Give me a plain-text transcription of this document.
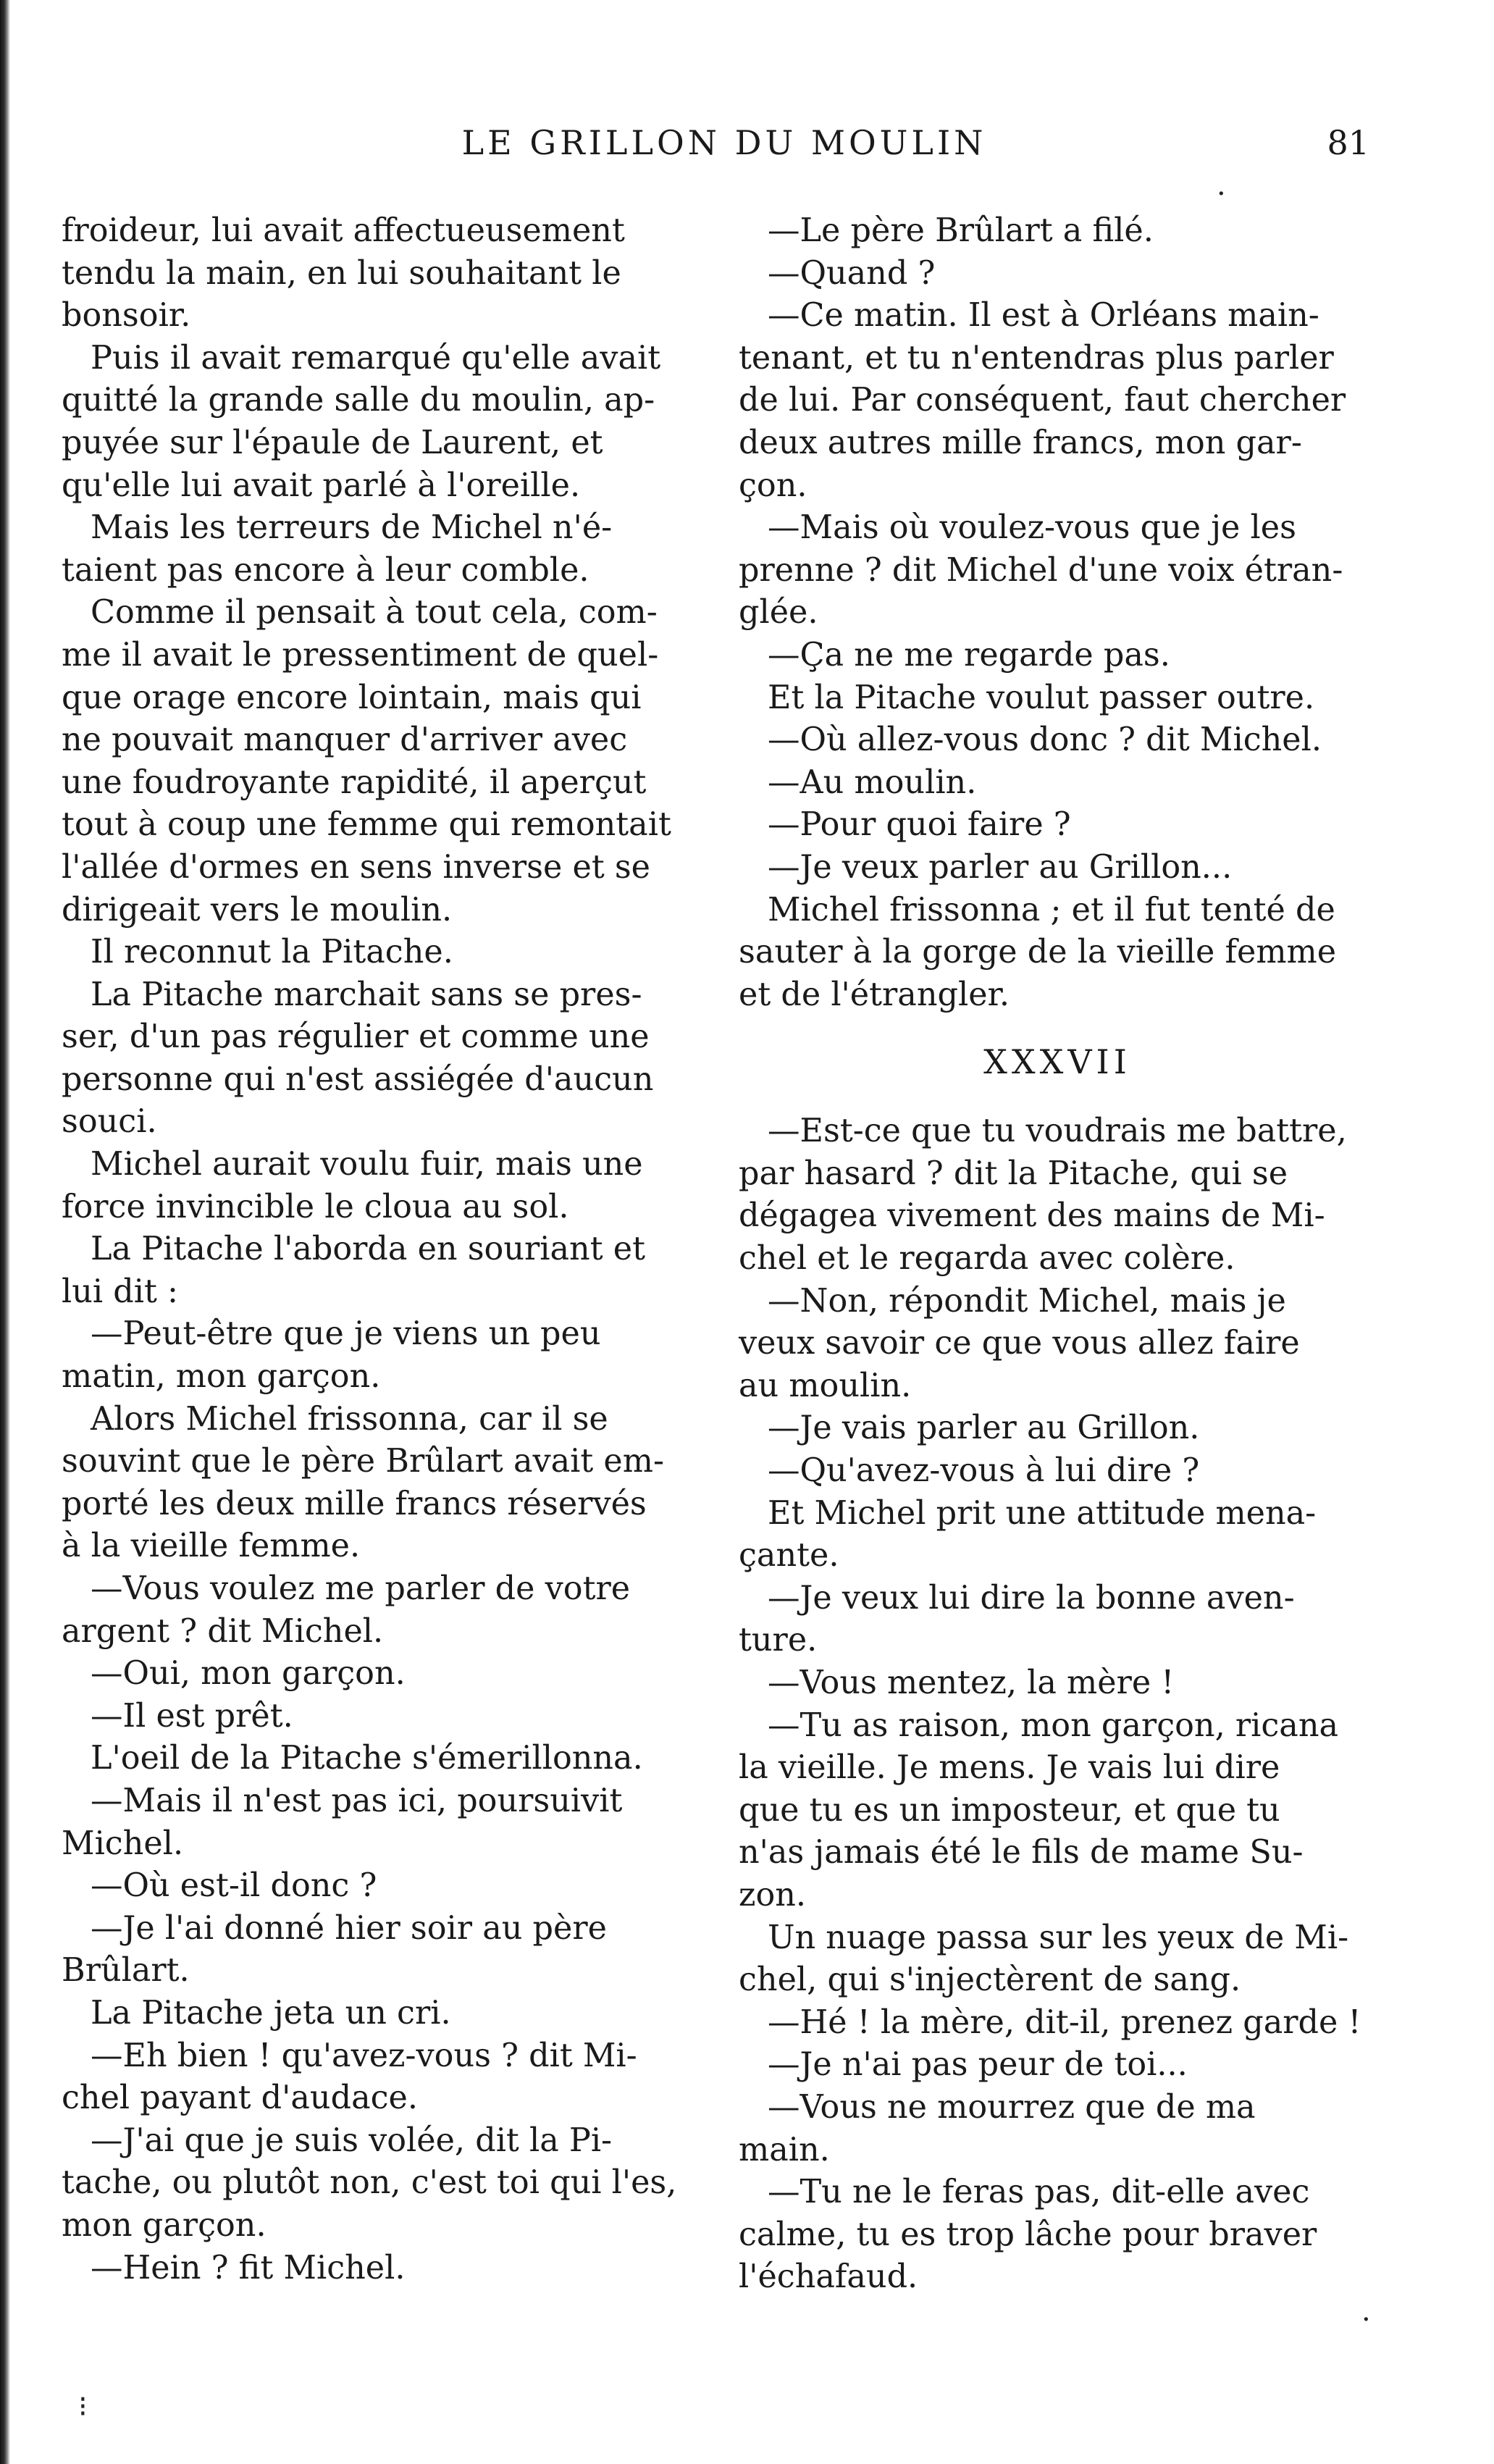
LE GRILLON DU MOULIN	81

froideur, lui avait affectueusement
tendu la main, en lui souhaitant le
bonsoir.

Puis il avait remarqué qu'elle avait
quitté la grande salle du moulin, ap-
puyée sur l'épaule de Laurent, et
qu'elle lui avait parlé à l'oreille.

Mais les terreurs de Michel n'é-
taient pas encore à leur comble.

Comme il pensait à tout cela, com-
me il avait le pressentiment de quel-
que orage encore lointain, mais qui
ne pouvait manquer d'arriver avec
une foudroyante rapidité, il aperçut
tout à coup une femme qui remontait
l'allée d'ormes en sens inverse et se
dirigeait vers le moulin.

Il reconnut la Pitache.

La Pitache marchait sans se pres-
ser, d'un pas régulier et comme une
personne qui n'est assiégée d'aucun
souci.

Michel aurait voulu fuir, mais une
force invincible le cloua au sol.

La Pitache l'aborda en souriant et
lui dit :

—Peut-être que je viens un peu
matin, mon garçon.

Alors Michel frissonna, car il se
souvint que le père Brûlart avait em-
porté les deux mille francs réservés
à la vieille femme.

—Vous voulez me parler de votre
argent ? dit Michel.

—Oui, mon garçon.

—Il est prêt.

L'oeil de la Pitache s'émerillonna.

—Mais il n'est pas ici, poursuivit
Michel.

—Où est-il donc ?

—Je l'ai donné hier soir au père
Brûlart.

La Pitache jeta un cri.

—Eh bien ! qu'avez-vous ? dit Mi-
chel payant d'audace.

—J'ai que je suis volée, dit la Pi-
tache, ou plutôt non, c'est toi qui l'es,
mon garçon.

—Hein ? fit Michel.

—Le père Brûlart a filé.

—Quand ?

—Ce matin. Il est à Orléans main-
tenant, et tu n'entendras plus parler
de lui. Par conséquent, faut chercher
deux autres mille francs, mon gar-
çon.

—Mais où voulez-vous que je les
prenne ? dit Michel d'une voix étran-
glée.

—Ça ne me regarde pas.

Et la Pitache voulut passer outre.

—Où allez-vous donc ? dit Michel.

—Au moulin.

—Pour quoi faire ?

—Je veux parler au Grillon...

Michel frissonna ; et il fut tenté de
sauter à la gorge de la vieille femme
et de l'étrangler.

XXXVII

—Est-ce que tu voudrais me battre,
par hasard ? dit la Pitache, qui se
dégagea vivement des mains de Mi-
chel et le regarda avec colère.

—Non, répondit Michel, mais je
veux savoir ce que vous allez faire
au moulin.

—Je vais parler au Grillon.

—Qu'avez-vous à lui dire ?

Et Michel prit une attitude mena-
çante.

—Je veux lui dire la bonne aven-
ture.

—Vous mentez, la mère !

—Tu as raison, mon garçon, ricana
la vieille. Je mens. Je vais lui dire
que tu es un imposteur, et que tu
n'as jamais été le fils de mame Su-
zon.

Un nuage passa sur les yeux de Mi-
chel, qui s'injectèrent de sang.

—Hé ! la mère, dit-il, prenez garde !

—Je n'ai pas peur de toi...

—Vous ne mourrez que de ma
main.

—Tu ne le feras pas, dit-elle avec
calme, tu es trop lâche pour braver
l'échafaud.

·
·
⁝
